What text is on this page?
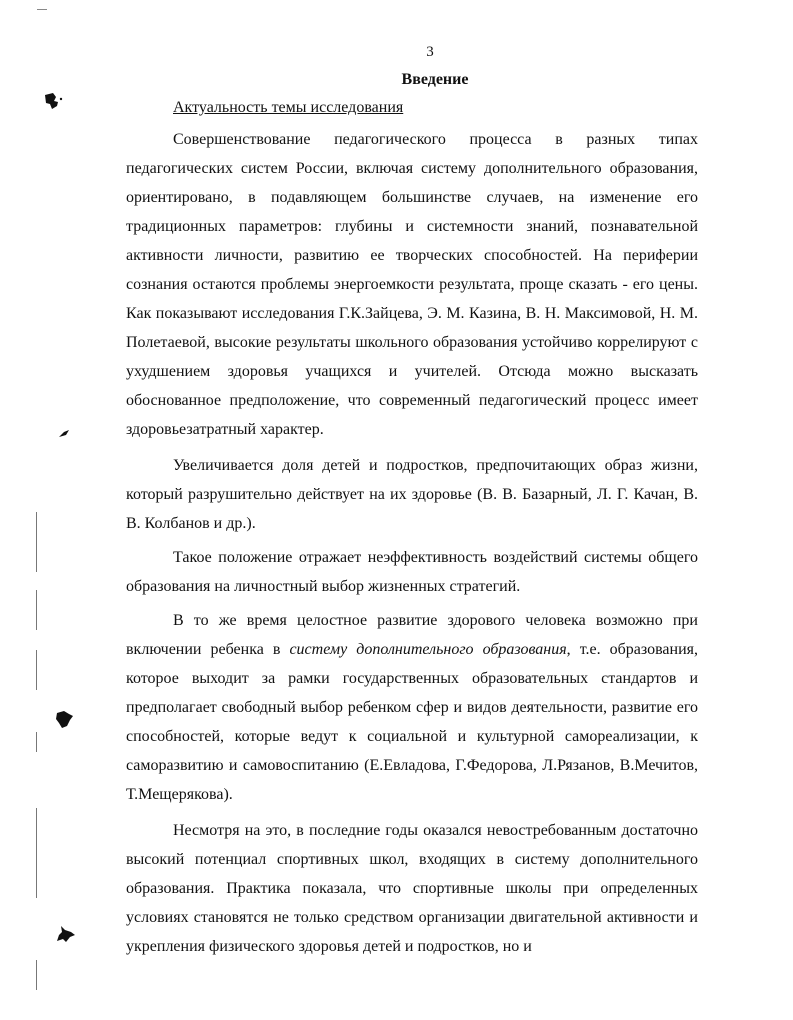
3
Введение
Актуальность темы исследования

Совершенствование педагогического процесса в разных типах педагогических систем России, включая систему дополнительного образования, ориентировано, в подавляющем большинстве случаев, на изменение его традиционных параметров: глубины и системности знаний, познавательной активности личности, развитию ее творческих способностей. На периферии сознания остаются проблемы энергоемкости результата, проще сказать - его цены. Как показывают исследования Г.К.Зайцева, Э. М. Казина, В. Н. Максимовой, Н. М. Полетаевой, высокие результаты школьного образования устойчиво коррелируют с ухудшением здоровья учащихся и учителей. Отсюда можно высказать обоснованное предположение, что современный педагогический процесс имеет здоровьезатратный характер.

Увеличивается доля детей и подростков, предпочитающих образ жизни, который разрушительно действует на их здоровье (В. В. Базарный, Л. Г. Качан, В. В. Колбанов и др.).

Такое положение отражает неэффективность воздействий системы общего образования на личностный выбор жизненных стратегий.

В то же время целостное развитие здорового человека возможно при включении ребенка в систему дополнительного образования, т.е. образования, которое выходит за рамки государственных образовательных стандартов и предполагает свободный выбор ребенком сфер и видов деятельности, развитие его способностей, которые ведут к социальной и культурной самореализации, к саморазвитию и самовоспитанию (Е.Евладова, Г.Федорова, Л.Рязанов, В.Мечитов, Т.Мещерякова).

Несмотря на это, в последние годы оказался невостребованным достаточно высокий потенциал спортивных школ, входящих в систему дополнительного образования. Практика показала, что спортивные школы при определенных условиях становятся не только средством организации двигательной активности и укрепления физического здоровья детей и подростков, но и
